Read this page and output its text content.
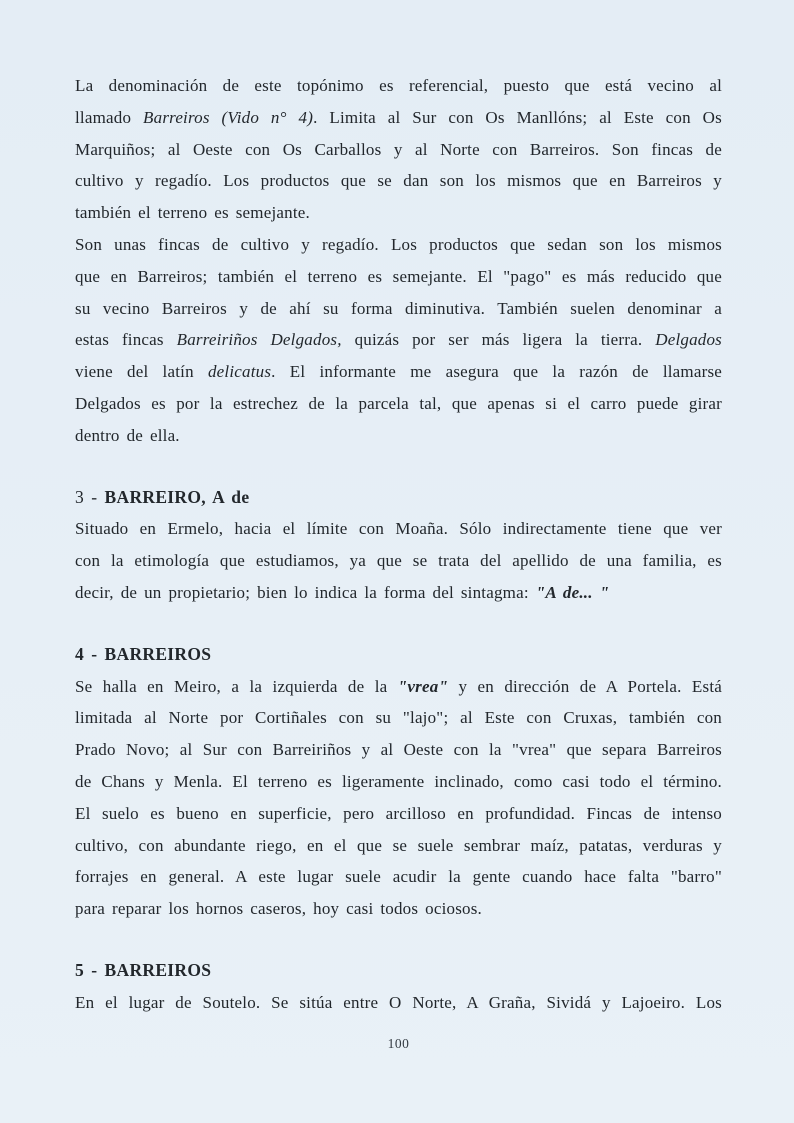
La denominación de este topónimo es referencial, puesto que está vecino al
llamado Barreiros (Vido n° 4). Limita al Sur con Os Manllóns; al Este con Os
Marquiños; al Oeste con Os Carballos y al Norte con Barreiros. Son fincas de
cultivo y regadío. Los productos que se dan son los mismos que en Barreiros y
también el terreno es semejante.
Son unas fincas de cultivo y regadío. Los productos que sedan son los mismos
que en Barreiros; también el terreno es semejante. El "pago" es más reducido que
su vecino Barreiros y de ahí su forma diminutiva. También suelen denominar a
estas fincas Barreiriños Delgados, quizás por ser más ligera la tierra. Delgados
viene del latín delicatus. El informante me asegura que la razón de llamarse
Delgados es por la estrechez de la parcela tal, que apenas si el carro puede girar
dentro de ella.
3 - BARREIRO, A de
Situado en Ermelo, hacia el límite con Moaña. Sólo indirectamente tiene que ver
con la etimología que estudiamos, ya que se trata del apellido de una familia, es
decir, de un propietario; bien lo indica la forma del sintagma: "A de... "
4 - BARREIROS
Se halla en Meiro, a la izquierda de la "vrea" y en dirección de A Portela. Está
limitada al Norte por Cortiñales con su "lajo"; al Este con Cruxas, también con
Prado Novo; al Sur con Barreiriños y al Oeste con la "vrea" que separa Barreiros
de Chans y Menla. El terreno es ligeramente inclinado, como casi todo el término.
El suelo es bueno en superficie, pero arcilloso en profundidad. Fincas de intenso
cultivo, con abundante riego, en el que se suele sembrar maíz, patatas, verduras y
forrajes en general. A este lugar suele acudir la gente cuando hace falta "barro"
para reparar los hornos caseros, hoy casi todos ociosos.
5 - BARREIROS
En el lugar de Soutelo. Se sitúa entre O Norte, A Graña, Sividá y Lajoeiro. Los
100
